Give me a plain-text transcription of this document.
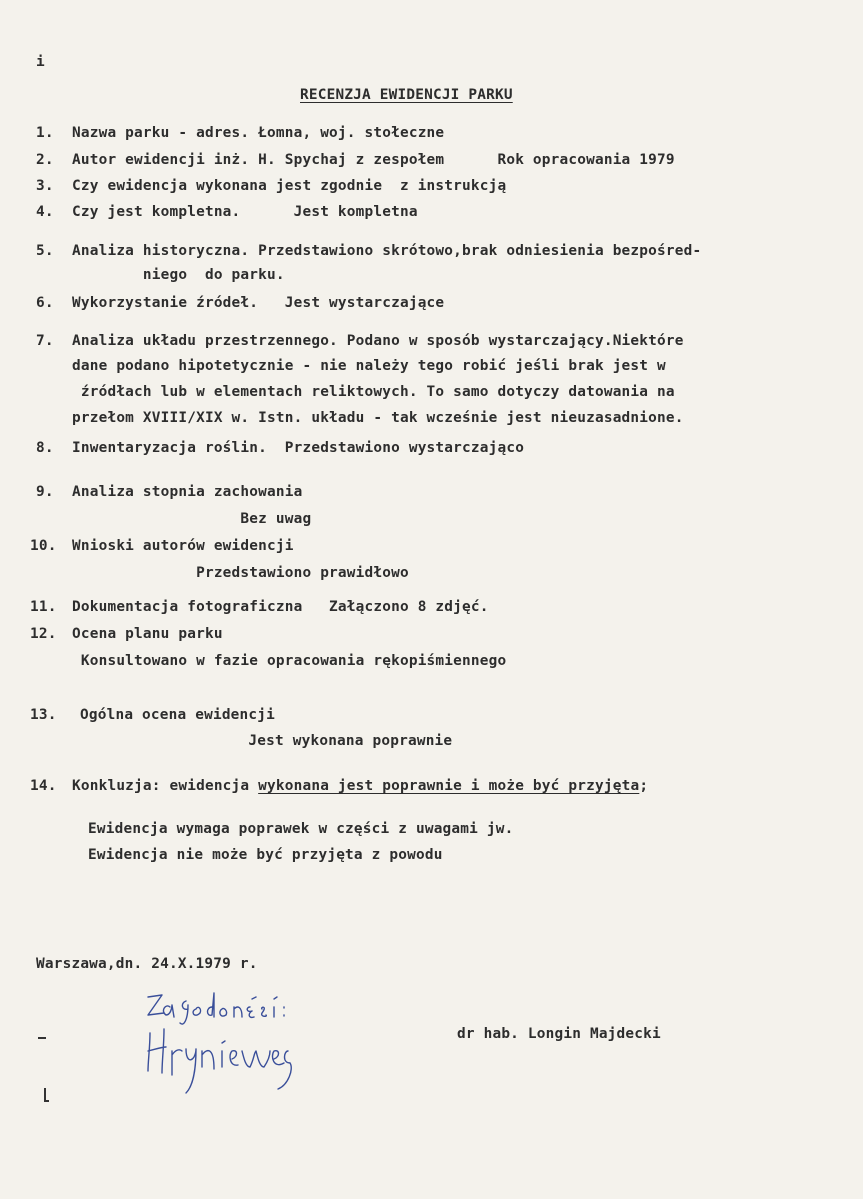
i
RECENZJA EWIDENCJI PARKU
1. Nazwa parku - adres. Łomna, woj. stołeczne
2. Autor ewidencji inż. H. Spychaj z zespołem      Rok opracowania 1979
3. Czy ewidencja wykonana jest zgodnie  z instrukcją
4. Czy jest kompletna.      Jest kompletna
5. Analiza historyczna. Przedstawiono skrótowo,brak odniesienia bezpośred-
niego  do parku.
6. Wykorzystanie źródeł.   Jest wystarczające
7. Analiza układu przestrzennego. Podano w sposób wystarczający.Niektóre
dane podano hipotetycznie - nie należy tego robić jeśli brak jest w
źródłach lub w elementach reliktowych. To samo dotyczy datowania na
przełom XVIII/XIX w. Istn. układu - tak wcześnie jest nieuzasadnione.
8. Inwentaryzacja roślin.  Przedstawiono wystarczająco
9. Analiza stopnia zachowania
Bez uwag
10. Wnioski autorów ewidencji
Przedstawiono prawidłowo
11. Dokumentacja fotograficzna   Załączono 8 zdjęć.
12. Ocena planu parku
Konsultowano w fazie opracowania rękopiśmiennego
13. Ogólna ocena ewidencji
Jest wykonana poprawnie
14. Konkluzja: ewidencja wykonana jest poprawnie i może być przyjęta;
Ewidencja wymaga poprawek w części z uwagami jw.
Ewidencja nie może być przyjęta z powodu
Warszawa,dn. 24.X.1979 r.
dr hab. Longin Majdecki
